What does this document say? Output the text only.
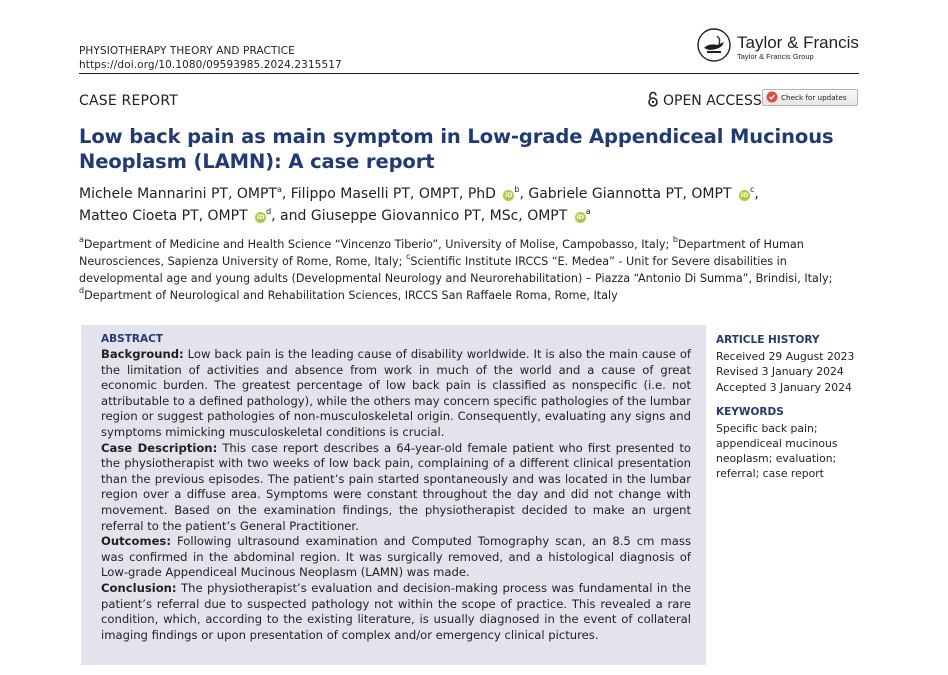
PHYSIOTHERAPY THEORY AND PRACTICE
https://doi.org/10.1080/09593985.2024.2315517
Taylor & Francis
Taylor & Francis Group
CASE REPORT	OPEN ACCESS	Check for updates
Low back pain as main symptom in Low-grade Appendiceal Mucinous Neoplasm (LAMN): A case report
Michele Mannarini PT, OMPT$^a$, Filippo Maselli PT, OMPT, PhD $iD^b$, Gabriele Giannotta PT, OMPT $iD^c$,
Matteo Cioeta PT, OMPT $iD^d$, and Giuseppe Giovannico PT, MSc, OMPT $iD^a$
$^a$Department of Medicine and Health Science “Vincenzo Tiberio”, University of Molise, Campobasso, Italy; $^b$Department of Human Neurosciences, Sapienza University of Rome, Rome, Italy; $^c$Scientific Institute IRCCS “E. Medea” - Unit for Severe disabilities in developmental age and young adults (Developmental Neurology and Neurorehabilitation) – Piazza “Antonio Di Summa”, Brindisi, Italy; $^d$Department of Neurological and Rehabilitation Sciences, IRCCS San Raffaele Roma, Rome, Italy
ABSTRACT

Background: Low back pain is the leading cause of disability worldwide. It is also the main cause of the limitation of activities and absence from work in much of the world and a cause of great economic burden. The greatest percentage of low back pain is classified as nonspecific (i.e. not attributable to a defined pathology), while the others may concern specific pathologies of the lumbar region or suggest pathologies of non-musculoskeletal origin. Consequently, evaluating any signs and symptoms mimicking musculoskeletal conditions is crucial.

Case Description: This case report describes a 64-year-old female patient who first presented to the physiotherapist with two weeks of low back pain, complaining of a different clinical presentation than the previous episodes. The patient’s pain started spontaneously and was located in the lumbar region over a diffuse area. Symptoms were constant throughout the day and did not change with movement. Based on the examination findings, the physiotherapist decided to make an urgent referral to the patient’s General Practitioner.

Outcomes: Following ultrasound examination and Computed Tomography scan, an 8.5 cm mass was confirmed in the abdominal region. It was surgically removed, and a histological diagnosis of Low-grade Appendiceal Mucinous Neoplasm (LAMN) was made.

Conclusion: The physiotherapist’s evaluation and decision-making process was fundamental in the patient’s referral due to suspected pathology not within the scope of practice. This revealed a rare condition, which, according to the existing literature, is usually diagnosed in the event of collateral imaging findings or upon presentation of complex and/or emergency clinical pictures.

ARTICLE HISTORY
Received 29 August 2023
Revised 3 January 2024
Accepted 3 January 2024
KEYWORDS
Specific back pain; appendiceal mucinous neoplasm; evaluation; referral; case report
